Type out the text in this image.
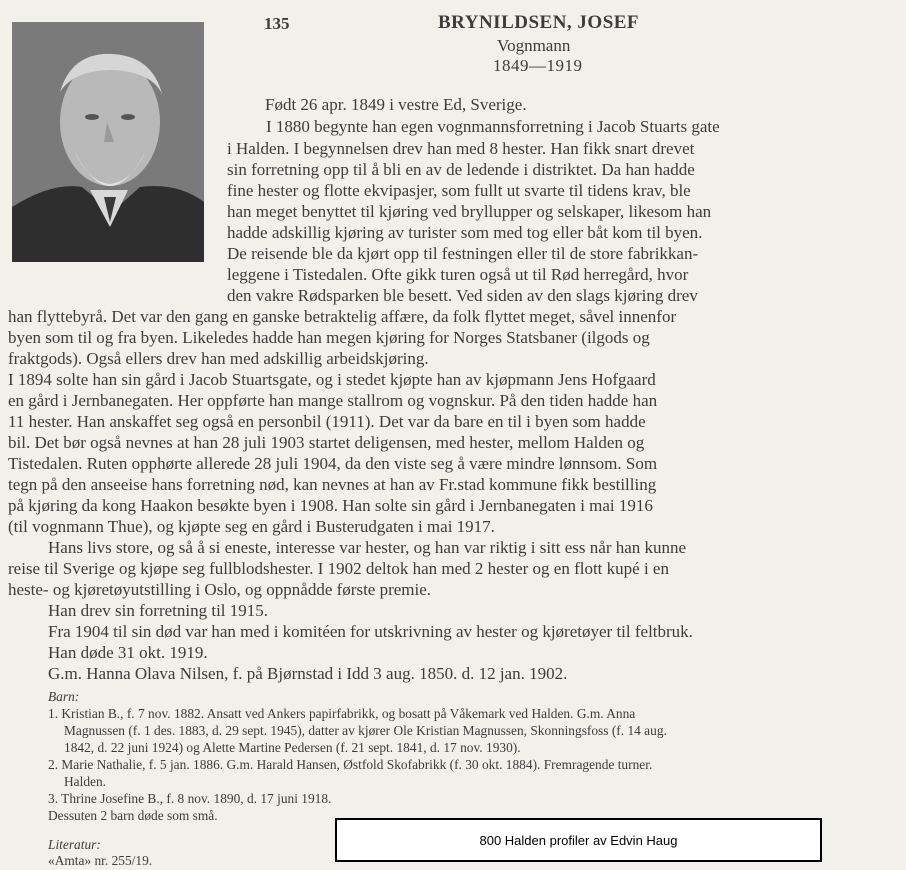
135	BRYNILDSEN, JOSEF
Vognmann
1849—1919
Født 26 apr. 1849 i vestre Ed, Sverige.
I 1880 begynte han egen vognmannsforretning i Jacob Stuarts gate
i Halden. I begynnelsen drev han med 8 hester. Han fikk snart drevet
sin forretning opp til å bli en av de ledende i distriktet. Da han hadde
fine hester og flotte ekvipasjer, som fullt ut svarte til tidens krav, ble
han meget benyttet til kjøring ved bryllupper og selskaper, likesom han
hadde adskillig kjøring av turister som med tog eller båt kom til byen.
De reisende ble da kjørt opp til festningen eller til de store fabrikkan-
leggene i Tistedalen. Ofte gikk turen også ut til Rød herregård, hvor
den vakre Rødsparken ble besett. Ved siden av den slags kjøring drev
han flyttebyrå. Det var den gang en ganske betraktelig affære, da folk flyttet meget, såvel innenfor
byen som til og fra byen. Likeledes hadde han megen kjøring for Norges Statsbaner (ilgods og
fraktgods). Også ellers drev han med adskillig arbeidskjøring.
I 1894 solte han sin gård i Jacob Stuartsgate, og i stedet kjøpte han av kjøpmann Jens Hofgaard
en gård i Jernbanegaten. Her oppførte han mange stallrom og vognskur. På den tiden hadde han
11 hester. Han anskaffet seg også en personbil (1911). Det var da bare en til i byen som hadde
bil. Det bør også nevnes at han 28 juli 1903 startet deligensen, med hester, mellom Halden og
Tistedalen. Ruten opphørte allerede 28 juli 1904, da den viste seg å være mindre lønnsom. Som
tegn på den anseeise hans forretning nød, kan nevnes at han av Fr.stad kommune fikk bestilling
på kjøring da kong Haakon besøkte byen i 1908. Han solte sin gård i Jernbanegaten i mai 1916
(til vognmann Thue), og kjøpte seg en gård i Busterudgaten i mai 1917.
Hans livs store, og så å si eneste, interesse var hester, og han var riktig i sitt ess når han kunne
reise til Sverige og kjøpe seg fullblodshester. I 1902 deltok han med 2 hester og en flott kupé i en
heste- og kjøretøyutstilling i Oslo, og oppnådde første premie.
Han drev sin forretning til 1915.
Fra 1904 til sin død var han med i komitéen for utskrivning av hester og kjøretøyer til feltbruk.
Han døde 31 okt. 1919.
G.m. Hanna Olava Nilsen, f. på Bjørnstad i Idd 3 aug. 1850. d. 12 jan. 1902.
Barn:
1. Kristian B., f. 7 nov. 1882. Ansatt ved Ankers papirfabrikk, og bosatt på Våkemark ved Halden. G.m. Anna
Magnussen (f. 1 des. 1883, d. 29 sept. 1945), datter av kjører Ole Kristian Magnussen, Skonningsfoss (f. 14 aug.
1842, d. 22 juni 1924) og Alette Martine Pedersen (f. 21 sept. 1841, d. 17 nov. 1930).
2. Marie Nathalie, f. 5 jan. 1886. G.m. Harald Hansen, Østfold Skofabrikk (f. 30 okt. 1884). Fremragende turner.
Halden.
3. Thrine Josefine B., f. 8 nov. 1890, d. 17 juni 1918.
Dessuten 2 barn døde som små.
Literatur:
«Amta» nr. 255/19.
800 Halden profiler av Edvin Haug
